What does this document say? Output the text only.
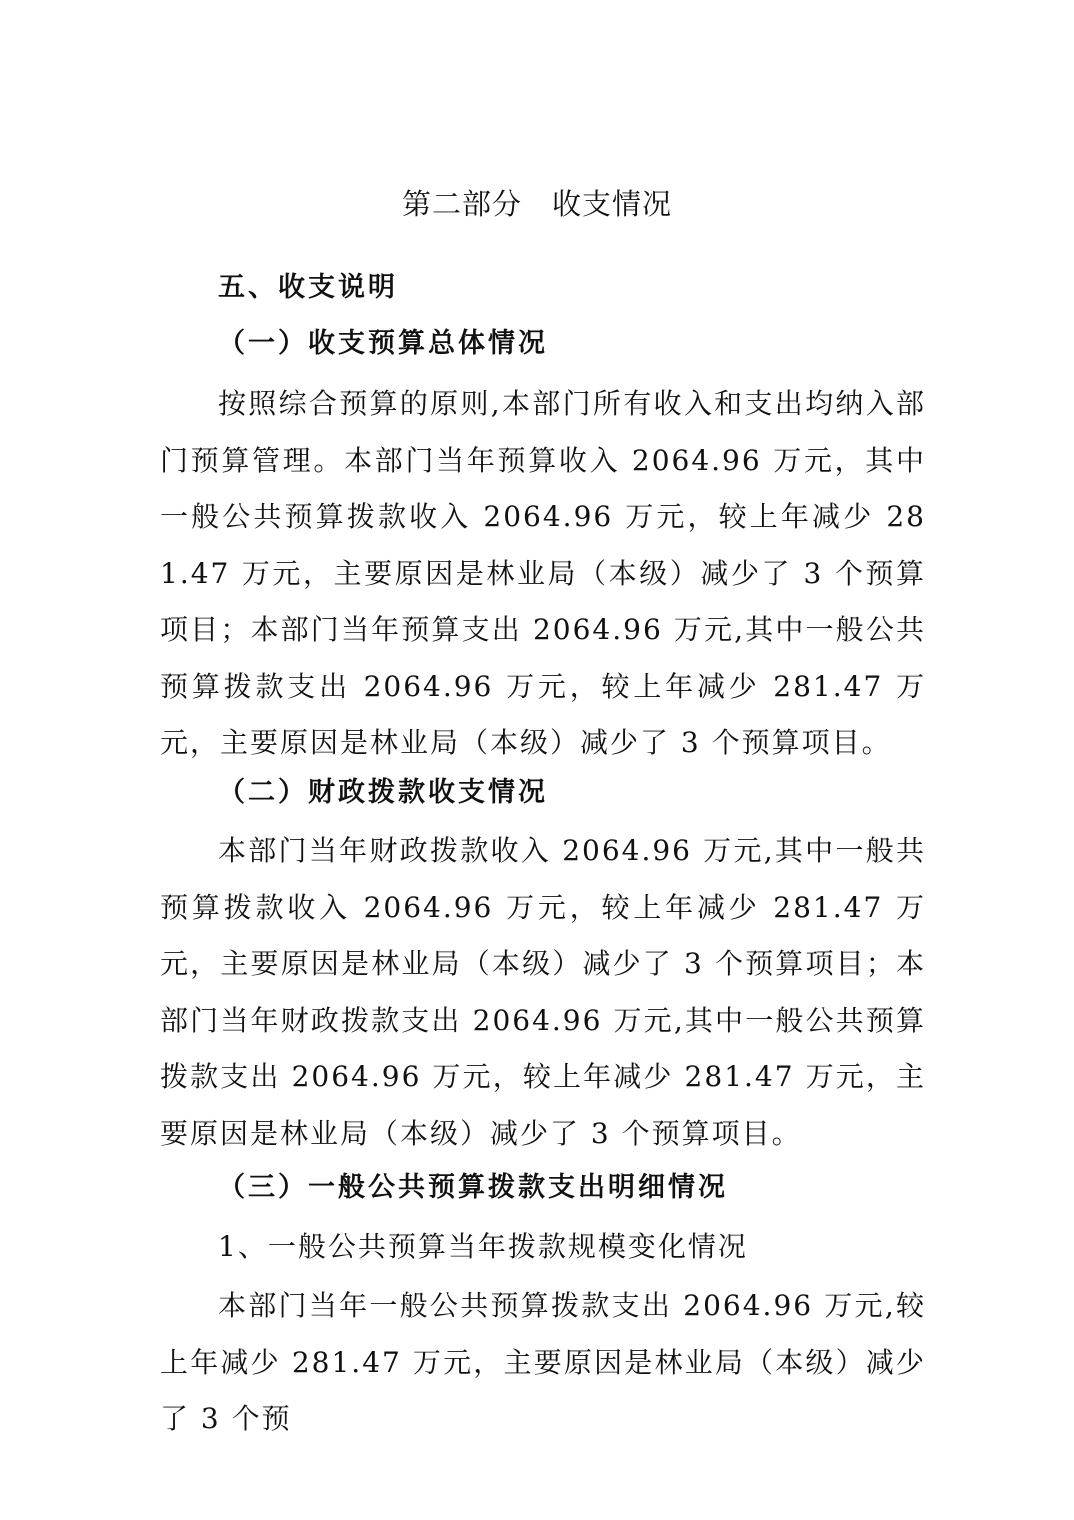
第二部分　收支情况
五、收支说明
（一）收支预算总体情况
按照综合预算的原则,本部门所有收入和支出均纳入部门预算管理。本部门当年预算收入 2064.96 万元，其中一般公共预算拨款收入 2064.96 万元，较上年减少 281.47 万元，主要原因是林业局（本级）减少了 3 个预算项目；本部门当年预算支出 2064.96 万元,其中一般公共预算拨款支出 2064.96 万元，较上年减少 281.47 万元，主要原因是林业局（本级）减少了 3 个预算项目。
（二）财政拨款收支情况
本部门当年财政拨款收入 2064.96 万元,其中一般共预算拨款收入 2064.96 万元，较上年减少 281.47 万元，主要原因是林业局（本级）减少了 3 个预算项目；本部门当年财政拨款支出 2064.96 万元,其中一般公共预算拨款支出 2064.96 万元，较上年减少 281.47 万元，主要原因是林业局（本级）减少了 3 个预算项目。
（三）一般公共预算拨款支出明细情况
1、一般公共预算当年拨款规模变化情况
本部门当年一般公共预算拨款支出 2064.96 万元,较上年减少 281.47 万元，主要原因是林业局（本级）减少了 3 个预
